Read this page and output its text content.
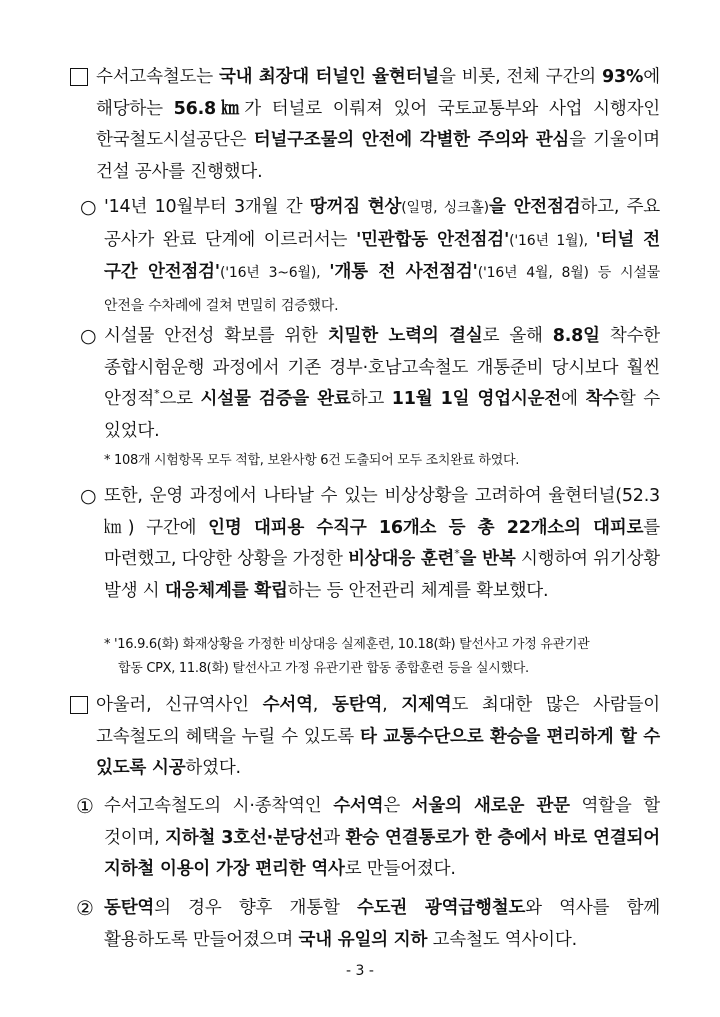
수서고속철도는 국내 최장대 터널인 율현터널을 비롯, 전체 구간의 93%에 해당하는 56.8㎞가 터널로 이뤄져 있어 국토교통부와 사업 시행자인 한국철도시설공단은 터널구조물의 안전에 각별한 주의와 관심을 기울이며 건설 공사를 진행했다.
○ '14년 10월부터 3개월 간 땅꺼짐 현상(일명, 싱크홀)을 안전점검하고, 주요 공사가 완료 단계에 이르러서는 '민관합동 안전점검'('16년 1월), '터널 전 구간 안전점검'('16년 3~6월), '개통 전 사전점검'('16년 4월, 8월) 등 시설물 안전을 수차례에 걸쳐 면밀히 검증했다.
○ 시설물 안전성 확보를 위한 치밀한 노력의 결실로 올해 8.8일 착수한 종합시험운행 과정에서 기존 경부·호남고속철도 개통준비 당시보다 훨씬 안정적*으로 시설물 검증을 완료하고 11월 1일 영업시운전에 착수할 수 있었다.
* 108개 시험항목 모두 적합, 보완사항 6건 도출되어 모두 조치완료 하였다.
○ 또한, 운영 과정에서 나타날 수 있는 비상상황을 고려하여 율현터널(52.3㎞) 구간에 인명 대피용 수직구 16개소 등 총 22개소의 대피로를 마련했고, 다양한 상황을 가정한 비상대응 훈련*을 반복 시행하여 위기상황 발생 시 대응체계를 확립하는 등 안전관리 체계를 확보했다.
* '16.9.6(화) 화재상황을 가정한 비상대응 실제훈련, 10.18(화) 탈선사고 가정 유관기관
합동 CPX, 11.8(화) 탈선사고 가정 유관기관 합동 종합훈련 등을 실시했다.
아울러, 신규역사인 수서역, 동탄역, 지제역도 최대한 많은 사람들이 고속철도의 혜택을 누릴 수 있도록 타 교통수단으로 환승을 편리하게 할 수 있도록 시공하였다.
① 수서고속철도의 시·종착역인 수서역은 서울의 새로운 관문 역할을 할 것이며, 지하철 3호선·분당선과 환승 연결통로가 한 층에서 바로 연결되어 지하철 이용이 가장 편리한 역사로 만들어졌다.
② 동탄역의 경우 향후 개통할 수도권 광역급행철도와 역사를 함께 활용하도록 만들어졌으며 국내 유일의 지하 고속철도 역사이다.
- 3 -
